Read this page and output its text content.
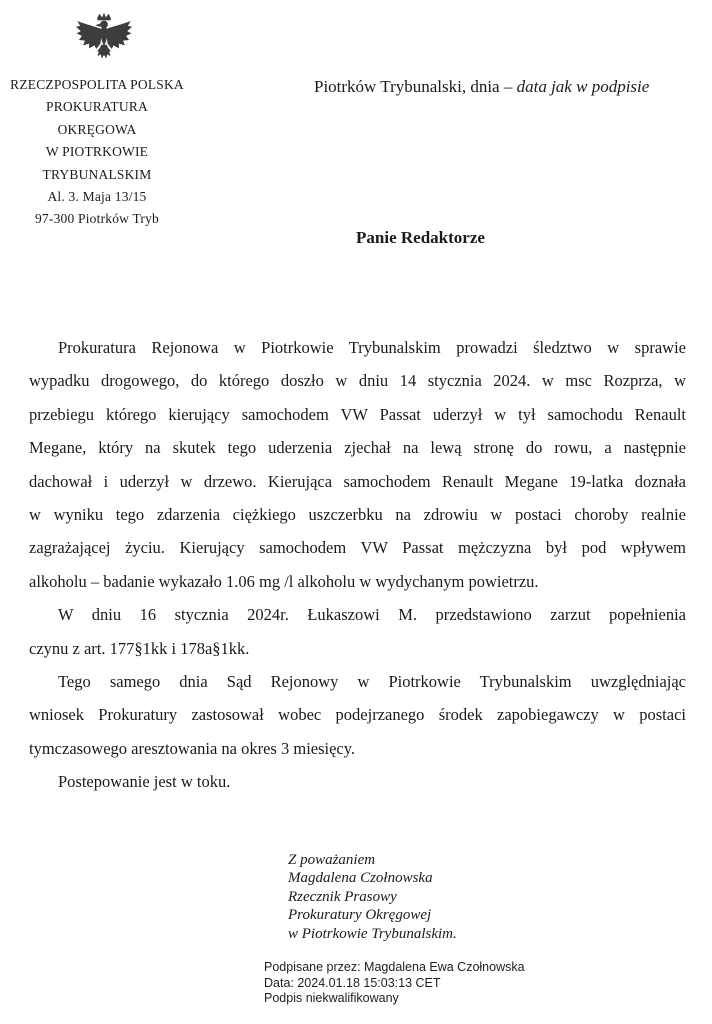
RZECZPOSPOLITA POLSKA
PROKURATURA OKRĘGOWA
W PIOTRKOWIE
TRYBUNALSKIM
Al. 3. Maja 13/15
97-300 Piotrków Tryb
Piotrków Trybunalski, dnia – data jak w podpisie
Panie Redaktorze
Prokuratura Rejonowa w Piotrkowie Trybunalskim prowadzi śledztwo w sprawie
wypadku drogowego, do którego doszło w dniu 14 stycznia 2024. w msc Rozprza, w
przebiegu którego kierujący samochodem VW Passat uderzył w tył samochodu Renault
Megane, który na skutek tego uderzenia zjechał na lewą stronę do rowu, a następnie
dachował i uderzył w drzewo. Kierująca samochodem Renault Megane 19-latka doznała
w wyniku tego zdarzenia ciężkiego uszczerbku na zdrowiu w postaci choroby realnie
zagrażającej życiu. Kierujący samochodem VW Passat mężczyzna był pod wpływem
alkoholu – badanie wykazało 1.06 mg /l alkoholu w wydychanym powietrzu.
W dniu 16 stycznia 2024r. Łukaszowi M. przedstawiono zarzut popełnienia
czynu z art. 177§1kk i 178a§1kk.
Tego samego dnia Sąd Rejonowy w Piotrkowie Trybunalskim uwzględniając
wniosek Prokuratury zastosował wobec podejrzanego środek zapobiegawczy w postaci
tymczasowego aresztowania na okres 3 miesięcy.
Postepowanie jest w toku.
Z poważaniem
Magdalena Czołnowska
Rzecznik Prasowy
Prokuratury Okręgowej
w Piotrkowie Trybunalskim.
Podpisane przez: Magdalena Ewa Czołnowska
Data: 2024.01.18 15:03:13 CET
Podpis niekwalifikowany
